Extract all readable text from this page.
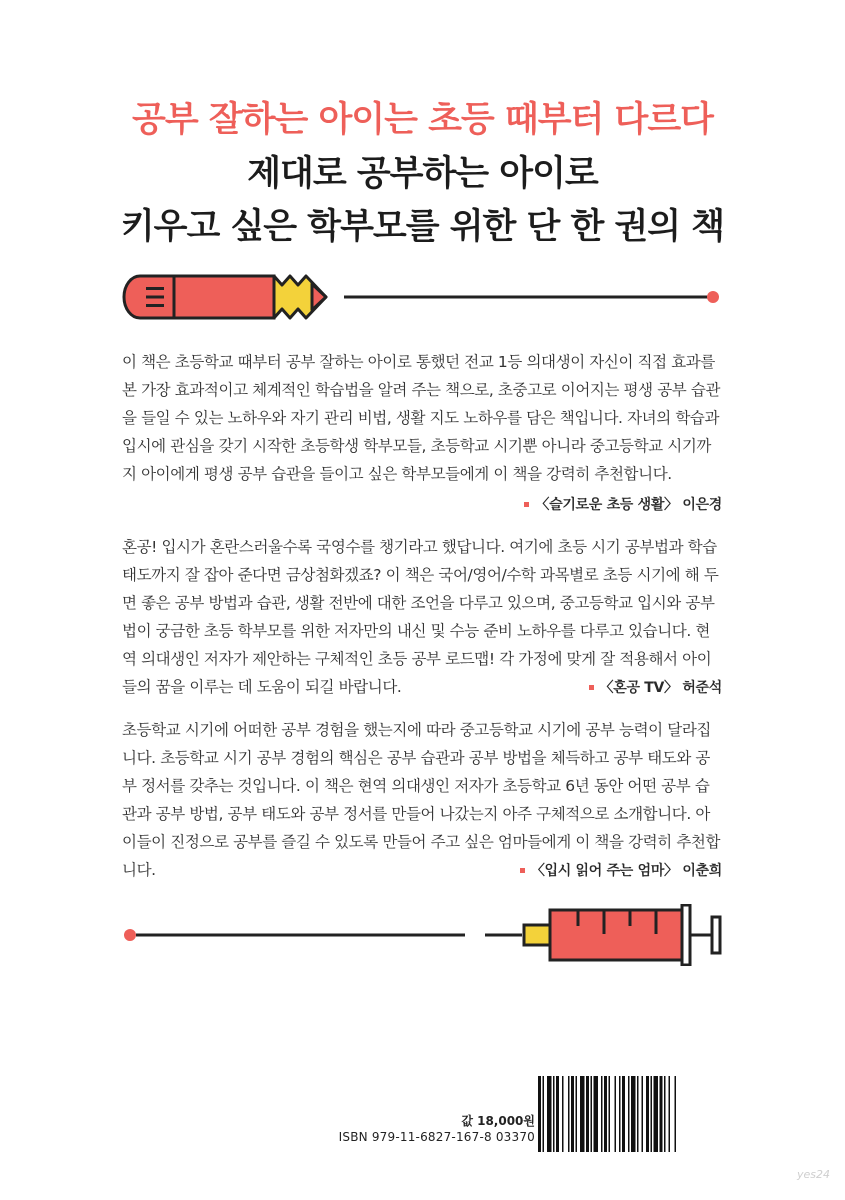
공부 잘하는 아이는 초등 때부터 다르다
제대로 공부하는 아이로
키우고 싶은 학부모를 위한 단 한 권의 책

이 책은 초등학교 때부터 공부 잘하는 아이로 통했던 전교 1등 의대생이 자신이 직접 효과를 본 가장 효과적이고 체계적인 학습법을 알려 주는 책으로, 초중고로 이어지는 평생 공부 습관을 들일 수 있는 노하우와 자기 관리 비법, 생활 지도 노하우를 담은 책입니다. 자녀의 학습과 입시에 관심을 갖기 시작한 초등학생 학부모들, 초등학교 시기뿐 아니라 중고등학교 시기까지 아이에게 평생 공부 습관을 들이고 싶은 학부모들에게 이 책을 강력히 추천합니다.

〈슬기로운 초등 생활〉 이은경

혼공! 입시가 혼란스러울수록 국영수를 챙기라고 했답니다. 여기에 초등 시기 공부법과 학습 태도까지 잘 잡아 준다면 금상첨화겠죠? 이 책은 국어/영어/수학 과목별로 초등 시기에 해 두면 좋은 공부 방법과 습관, 생활 전반에 대한 조언을 다루고 있으며, 중고등학교 입시와 공부법이 궁금한 초등 학부모를 위한 저자만의 내신 및 수능 준비 노하우를 다루고 있습니다. 현역 의대생인 저자가 제안하는 구체적인 초등 공부 로드맵! 각 가정에 맞게 잘 적용해서 아이들의 꿈을 이루는 데 도움이 되길 바랍니다.	〈혼공 TV〉 허준석

초등학교 시기에 어떠한 공부 경험을 했는지에 따라 중고등학교 시기에 공부 능력이 달라집니다. 초등학교 시기 공부 경험의 핵심은 공부 습관과 공부 방법을 체득하고 공부 태도와 공부 정서를 갖추는 것입니다. 이 책은 현역 의대생인 저자가 초등학교 6년 동안 어떤 공부 습관과 공부 방법, 공부 태도와 공부 정서를 만들어 나갔는지 아주 구체적으로 소개합니다. 아이들이 진정으로 공부를 즐길 수 있도록 만들어 주고 싶은 엄마들에게 이 책을 강력히 추천합니다.	〈입시 읽어 주는 엄마〉 이춘희
값 18,000원
ISBN 979-11-6827-167-8 03370
yes24
